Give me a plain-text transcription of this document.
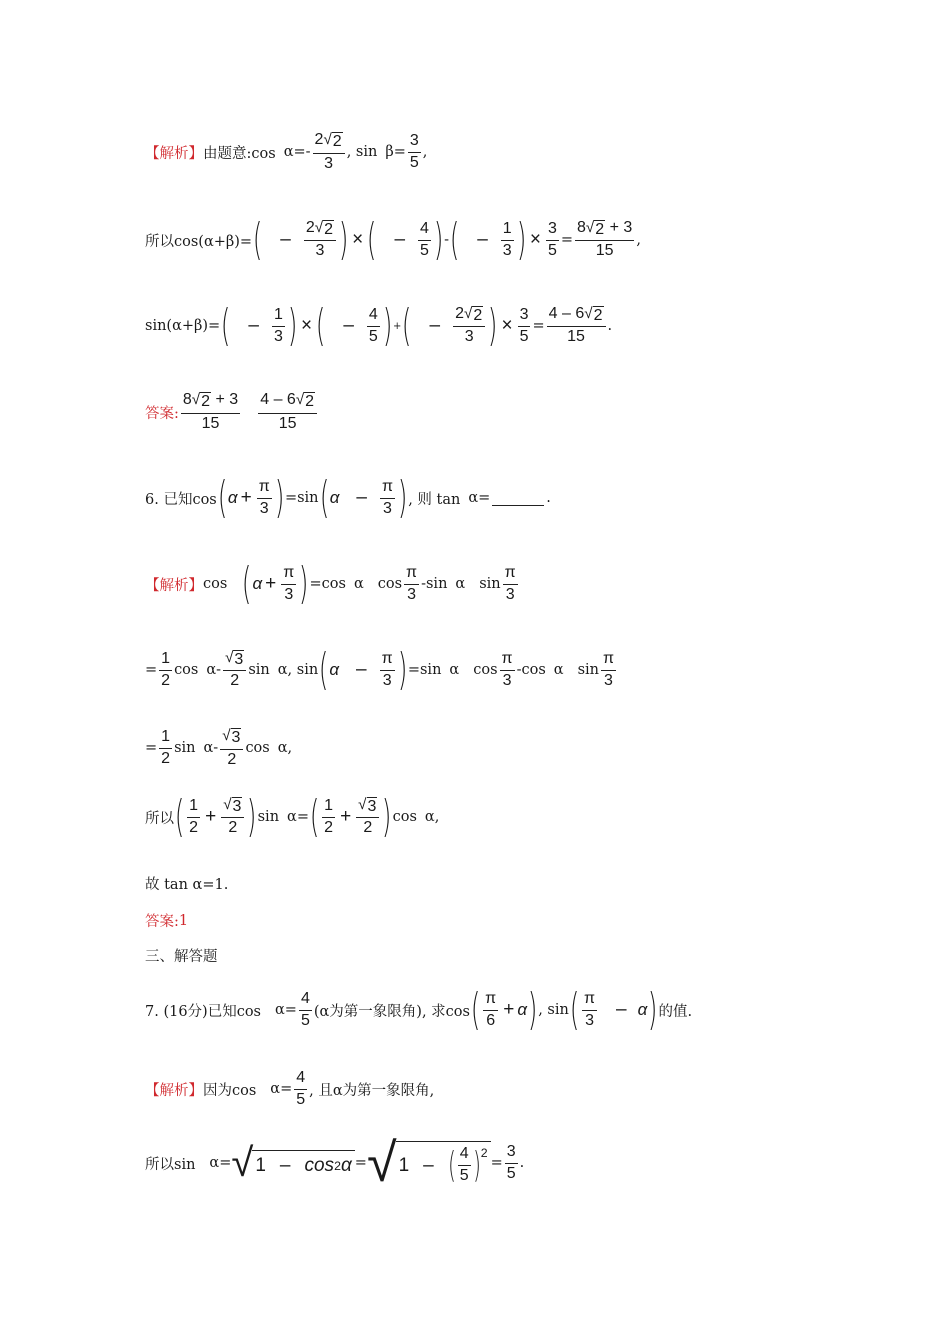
【解析】 由题意:cos α =-
2 √ 2
3
, $\sin \beta = \frac{3}{5}$ ,
所以cos(α+β)= ( –
2 √ 2
3 ) × ( –
4
5 ) - ( –
1
3 ) × $\frac{3}{5} = \frac{8 √ 2 + 3}{15}$ ,
sin(α+β)= ( –
1
3 ) × ( –
4
5 ) + ( –
2 √ 2
3 ) × $\frac{3}{5} = \frac{4 - 6 √ 2}{15}$ .
答案:
8 √ 2 + 3
15
4 – 6 √ 2
15
6. 已知cos ( $\alpha + \frac{\pi}{3}$ ) =sin ( α –
π
3 ) , 则 tan α =	.
【解析】 cos ( $\alpha + \frac{\pi}{3}$ ) =cos α cos
π
3
-sin α sin
π
3
= $\frac{1}{2}$ cos α -
√ 3
2
sin α , sin ( α –
π
3 ) =sin α cos
π
3
-cos α sin
π
3
= $\frac{1}{2}$ sin α -
√ 3
2
cos α ,
所以 ( 1
$2 + \frac{√ 3}{2}$ ) sin α = ( 1
$2 + \frac{√ 3}{2}$ ) cos α ,
故 tan α=1.
答案: 1
三、解答题
7. (16分)已知$\cos \alpha = \frac{4}{5} (\alpha$为第一象限角), 求cos ( π
6 + α ) , sin ( π
3 – α ) 的值.
【解析】 因为$\cos \alpha = \frac{4}{5}$ , 且α为第一象限角,
所以sin α = √ 1 – cos 2 α = √ 1 – ( 4
5 )$^2$
= $\frac{3}{5}$ .
